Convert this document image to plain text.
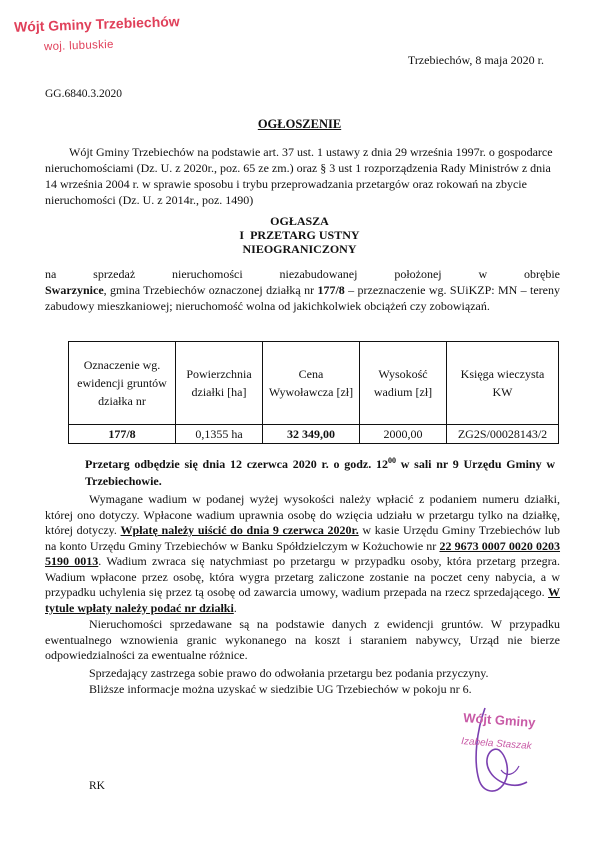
Wójt Gminy Trzebiechów
woj. lubuskie
Trzebiechów, 8 maja 2020 r.
GG.6840.3.2020
OGŁOSZENIE
Wójt Gminy Trzebiechów na podstawie art. 37 ust. 1 ustawy z dnia 29 września 1997r. o gospodarce nieruchomościami (Dz. U. z 2020r., poz. 65 ze zm.) oraz § 3 ust 1 rozporządzenia Rady Ministrów z dnia 14 września 2004 r. w sprawie sposobu i trybu przeprowadzania przetargów oraz rokowań na zbycie nieruchomości (Dz. U. z 2014r., poz. 1490)
OGŁASZA
I  PRZETARG USTNY
NIEOGRANICZONY
na sprzedaż nieruchomości niezabudowanej położonej w obrębie
Swarzynice, gmina Trzebiechów oznaczonej działką nr 177/8 – przeznaczenie wg. SUiKZP: MN – tereny zabudowy mieszkaniowej; nieruchomość wolna od jakichkolwiek obciążeń czy zobowiązań.
Oznaczenie wg. ewidencji gruntów działka nr	Powierzchnia działki [ha]	Cena Wywoławcza [zł]	Wysokość wadium [zł]	Księga wieczysta KW
177/8	0,1355 ha	32 349,00	2000,00	ZG2S/00028143/2
Przetarg odbędzie się dnia 12 czerwca 2020 r. o godz. $12^{00}$ w sali nr 9 Urzędu Gminy w Trzebiechowie.
Wymagane wadium w podanej wyżej wysokości należy wpłacić z podaniem numeru działki, której ono dotyczy. Wpłacone wadium uprawnia osobę do wzięcia udziału w przetargu tylko na działkę, której dotyczy. Wpłatę należy uiścić do dnia 9 czerwca 2020r. w kasie Urzędu Gminy Trzebiechów lub na konto Urzędu Gminy Trzebiechów w Banku Spółdzielczym w Kożuchowie nr 22 9673 0007 0020 0203 5190 0013. Wadium zwraca się natychmiast po przetargu w przypadku osoby, która przetarg przegra. Wadium wpłacone przez osobę, która wygra przetarg zaliczone zostanie na poczet ceny nabycia, a w przypadku uchylenia się przez tą osobę od zawarcia umowy, wadium przepada na rzecz sprzedającego. W tytule wpłaty należy podać nr działki.
Nieruchomości sprzedawane są na podstawie danych z ewidencji gruntów. W przypadku ewentualnego wznowienia granic wykonanego na koszt i staraniem nabywcy, Urząd nie bierze odpowiedzialności za ewentualne różnice.
Sprzedający zastrzega sobie prawo do odwołania przetargu bez podania przyczyny.
Bliższe informacje można uzyskać w siedzibie UG Trzebiechów w pokoju nr 6.
Wójt Gminy
Izabela Staszak
RK
